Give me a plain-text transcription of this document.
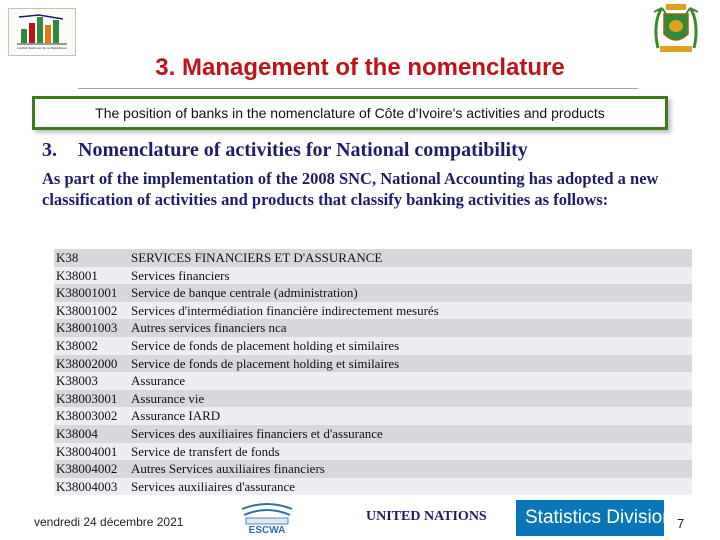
Institut National de la Statistique
3. Management of the nomenclature
The position of banks in the nomenclature of Côte d'Ivoire's activities and products
3. Nomenclature of activities for National compatibility
As part of the implementation of the 2008 SNC, National Accounting has adopted a new classification of activities and products that classify banking activities as follows:
K38	SERVICES FINANCIERS ET D'ASSURANCE
K38001	Services financiers
K38001001	Service de banque centrale (administration)
K38001002	Services d'intermédiation financière indirectement mesurés
K38001003	Autres services financiers nca
K38002	Service de fonds de placement holding et similaires
K38002000	Service de fonds de placement holding et similaires
K38003	Assurance
K38003001	Assurance vie
K38003002	Assurance IARD
K38004	Services des auxiliaires financiers et d'assurance
K38004001	Service de transfert de fonds
K38004002	Autres Services auxiliaires financiers
K38004003	Services auxiliaires d'assurance
vendredi 24 décembre 2021
ESCWA
UNITED NATIONS Statistics Division 7
